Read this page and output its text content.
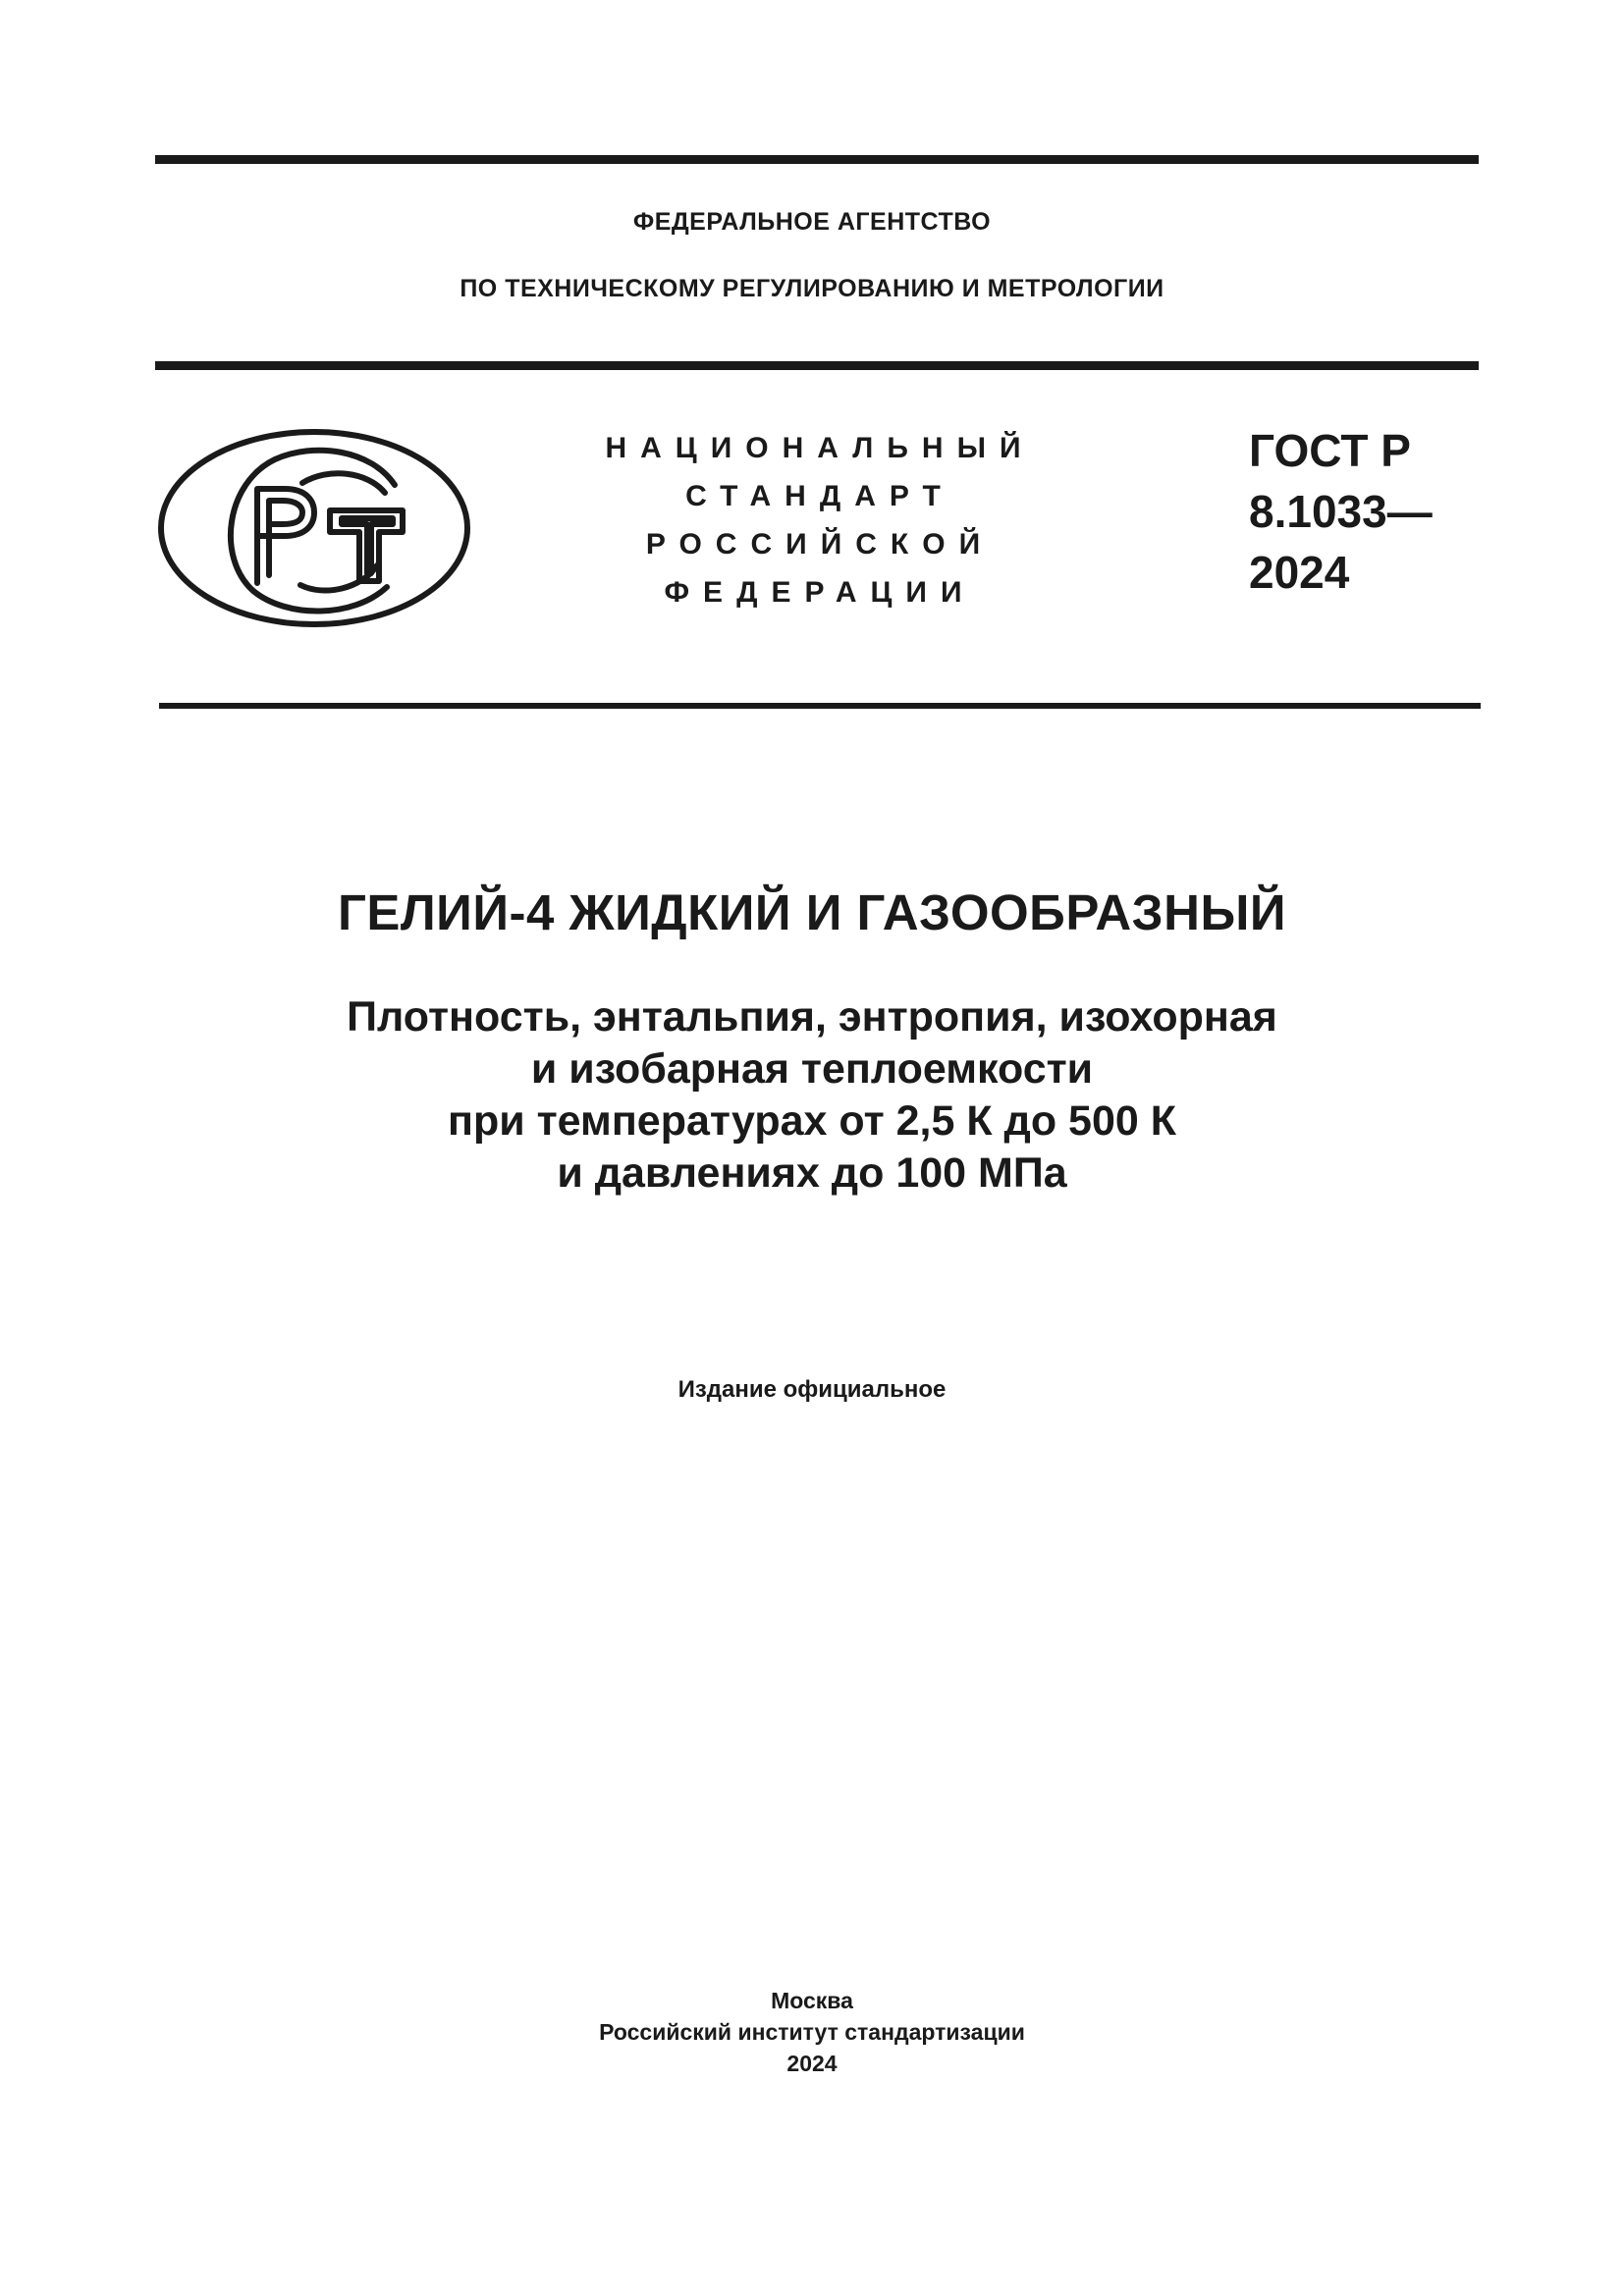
ФЕДЕРАЛЬНОЕ АГЕНТСТВО
ПО ТЕХНИЧЕСКОМУ РЕГУЛИРОВАНИЮ И МЕТРОЛОГИИ
НАЦИОНАЛЬНЫЙ
СТАНДАРТ
РОССИЙСКОЙ
ФЕДЕРАЦИИ
ГОСТ Р
8.1033—
2024
ГЕЛИЙ-4 ЖИДКИЙ И ГАЗООБРАЗНЫЙ
Плотность, энтальпия, энтропия, изохорная
и изобарная теплоемкости
при температурах от 2,5 К до 500 К
и давлениях до 100 МПа
Издание официальное
Москва
Российский институт стандартизации
2024
